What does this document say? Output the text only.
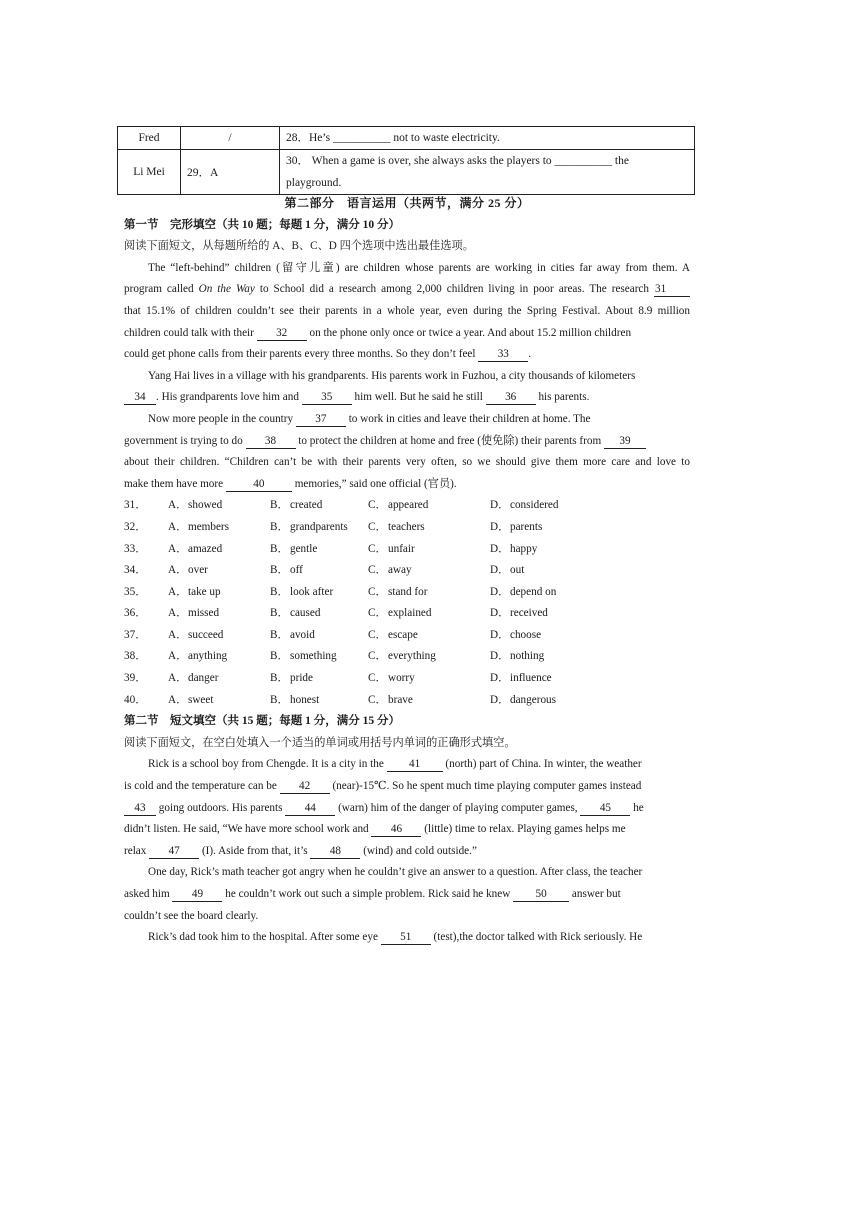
Fred	/	28．He’s __________ not to waste electricity.

Li Mei	29．A	30． When a game is over, she always asks the players to __________ the
playground.
第二部分　语言运用（共两节，满分 25 分）
第一节　完形填空（共 10 题；每题 1 分，满分 10 分）
阅读下面短文，从每题所给的 A、B、C、D 四个选项中选出最佳选项。
The “left-behind” children (留守儿童) are children whose parents are working in cities far away from them. A
program called On the Way to School did a research among 2,000 children living in poor areas. The research 31
that 15.1% of children couldn’t see their parents in a whole year, even during the Spring Festival. About 8.9 million
children could talk with their 32 on the phone only once or twice a year. And about 15.2 million children
could get phone calls from their parents every three months. So they don’t feel 33 .
Yang Hai lives in a village with his grandparents. His parents work in Fuzhou, a city thousands of kilometers
34 . His grandparents love him and 35 him well. But he said he still 36 his parents.
Now more people in the country 37 to work in cities and leave their children at home. The
government is trying to do 38 to protect the children at home and free (使免除) their parents from 39
about their children. “Children can’t be with their parents very often, so we should give them more care and love to
make them have more 40 memories,” said one official (官员).
31．	A．showed	B．created	C．appeared	D．considered
32．	A．members	B．grandparents	C．teachers	D．parents
33．	A．amazed	B．gentle	C．unfair	D．happy
34．	A．over	B．off	C．away	D．out
35．	A．take up	B．look after	C．stand for	D．depend on
36．	A．missed	B．caused	C．explained	D．received
37．	A．succeed	B．avoid	C．escape	D．choose
38．	A．anything	B．something	C．everything	D．nothing
39．	A．danger	B．pride	C．worry	D．influence
40．	A．sweet	B．honest	C．brave	D．dangerous
第二节　短文填空（共 15 题；每题 1 分，满分 15 分）
阅读下面短文，在空白处填入一个适当的单词或用括号内单词的正确形式填空。
Rick is a school boy from Chengde. It is a city in the 41 (north) part of China. In winter, the weather
is cold and the temperature can be 42 (near)-15℃. So he spent much time playing computer games instead
43 going outdoors. His parents 44 (warn) him of the danger of playing computer games, 45 he
didn’t listen. He said, “We have more school work and 46 (little) time to relax. Playing games helps me
relax 47 (I). Aside from that, it’s 48 (wind) and cold outside.”
One day, Rick’s math teacher got angry when he couldn’t give an answer to a question. After class, the teacher
asked him 49 he couldn’t work out such a simple problem. Rick said he knew 50 answer but
couldn’t see the board clearly.
Rick’s dad took him to the hospital. After some eye 51 (test),the doctor talked with Rick seriously. He
